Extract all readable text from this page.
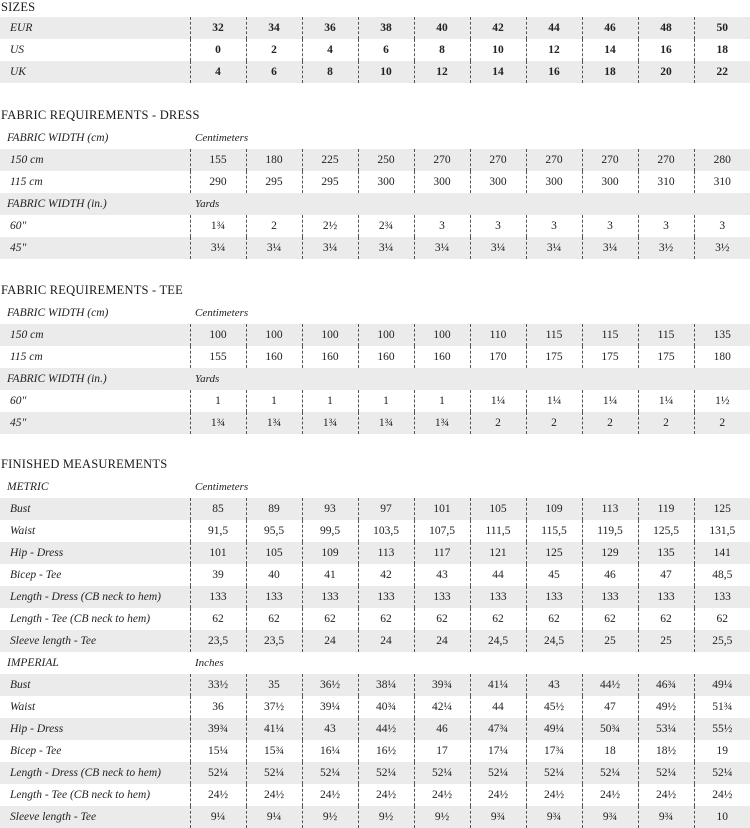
SIZES
EUR	32	34	36	38	40	42	44	46	48	50
US	0	2	4	6	8	10	12	14	16	18
UK	4	6	8	10	12	14	16	18	20	22
FABRIC REQUIREMENTS - DRESS
FABRIC WIDTH (cm)	Centimeters									
150 cm	155	180	225	250	270	270	270	270	270	280
115 cm	290	295	295	300	300	300	300	300	310	310
FABRIC WIDTH (in.)	Yards									
60"	1¾	2	2½	2¾	3	3	3	3	3	3
45"	3¼	3¼	3¼	3¼	3¼	3¼	3¼	3¼	3½	3½
FABRIC REQUIREMENTS - TEE
FABRIC WIDTH (cm)	Centimeters									
150 cm	100	100	100	100	100	110	115	115	115	135
115 cm	155	160	160	160	160	170	175	175	175	180
FABRIC WIDTH (in.)	Yards									
60"	1	1	1	1	1	1¼	1¼	1¼	1¼	1½
45"	1¾	1¾	1¾	1¾	1¾	2	2	2	2	2
FINISHED MEASUREMENTS
METRIC	Centimeters									
Bust	85	89	93	97	101	105	109	113	119	125
Waist	91,5	95,5	99,5	103,5	107,5	111,5	115,5	119,5	125,5	131,5
Hip - Dress	101	105	109	113	117	121	125	129	135	141
Bicep - Tee	39	40	41	42	43	44	45	46	47	48,5
Length - Dress (CB neck to hem)	133	133	133	133	133	133	133	133	133	133
Length - Tee (CB neck to hem)	62	62	62	62	62	62	62	62	62	62
Sleeve length - Tee	23,5	23,5	24	24	24	24,5	24,5	25	25	25,5
IMPERIAL	Inches									
Bust	33½	35	36½	38¼	39¾	41¼	43	44½	46¾	49¼
Waist	36	37½	39¼	40¾	42¼	44	45½	47	49½	51¾
Hip - Dress	39¾	41¼	43	44½	46	47¾	49¼	50¾	53¼	55½
Bicep - Tee	15¼	15¾	16¼	16½	17	17¼	17¾	18	18½	19
Length - Dress (CB neck to hem)	52¼	52¼	52¼	52¼	52¼	52¼	52¼	52¼	52¼	52¼
Length - Tee (CB neck to hem)	24½	24½	24½	24½	24½	24½	24½	24½	24½	24½
Sleeve length - Tee	9¼	9¼	9½	9½	9½	9¾	9¾	9¾	9¾	10
